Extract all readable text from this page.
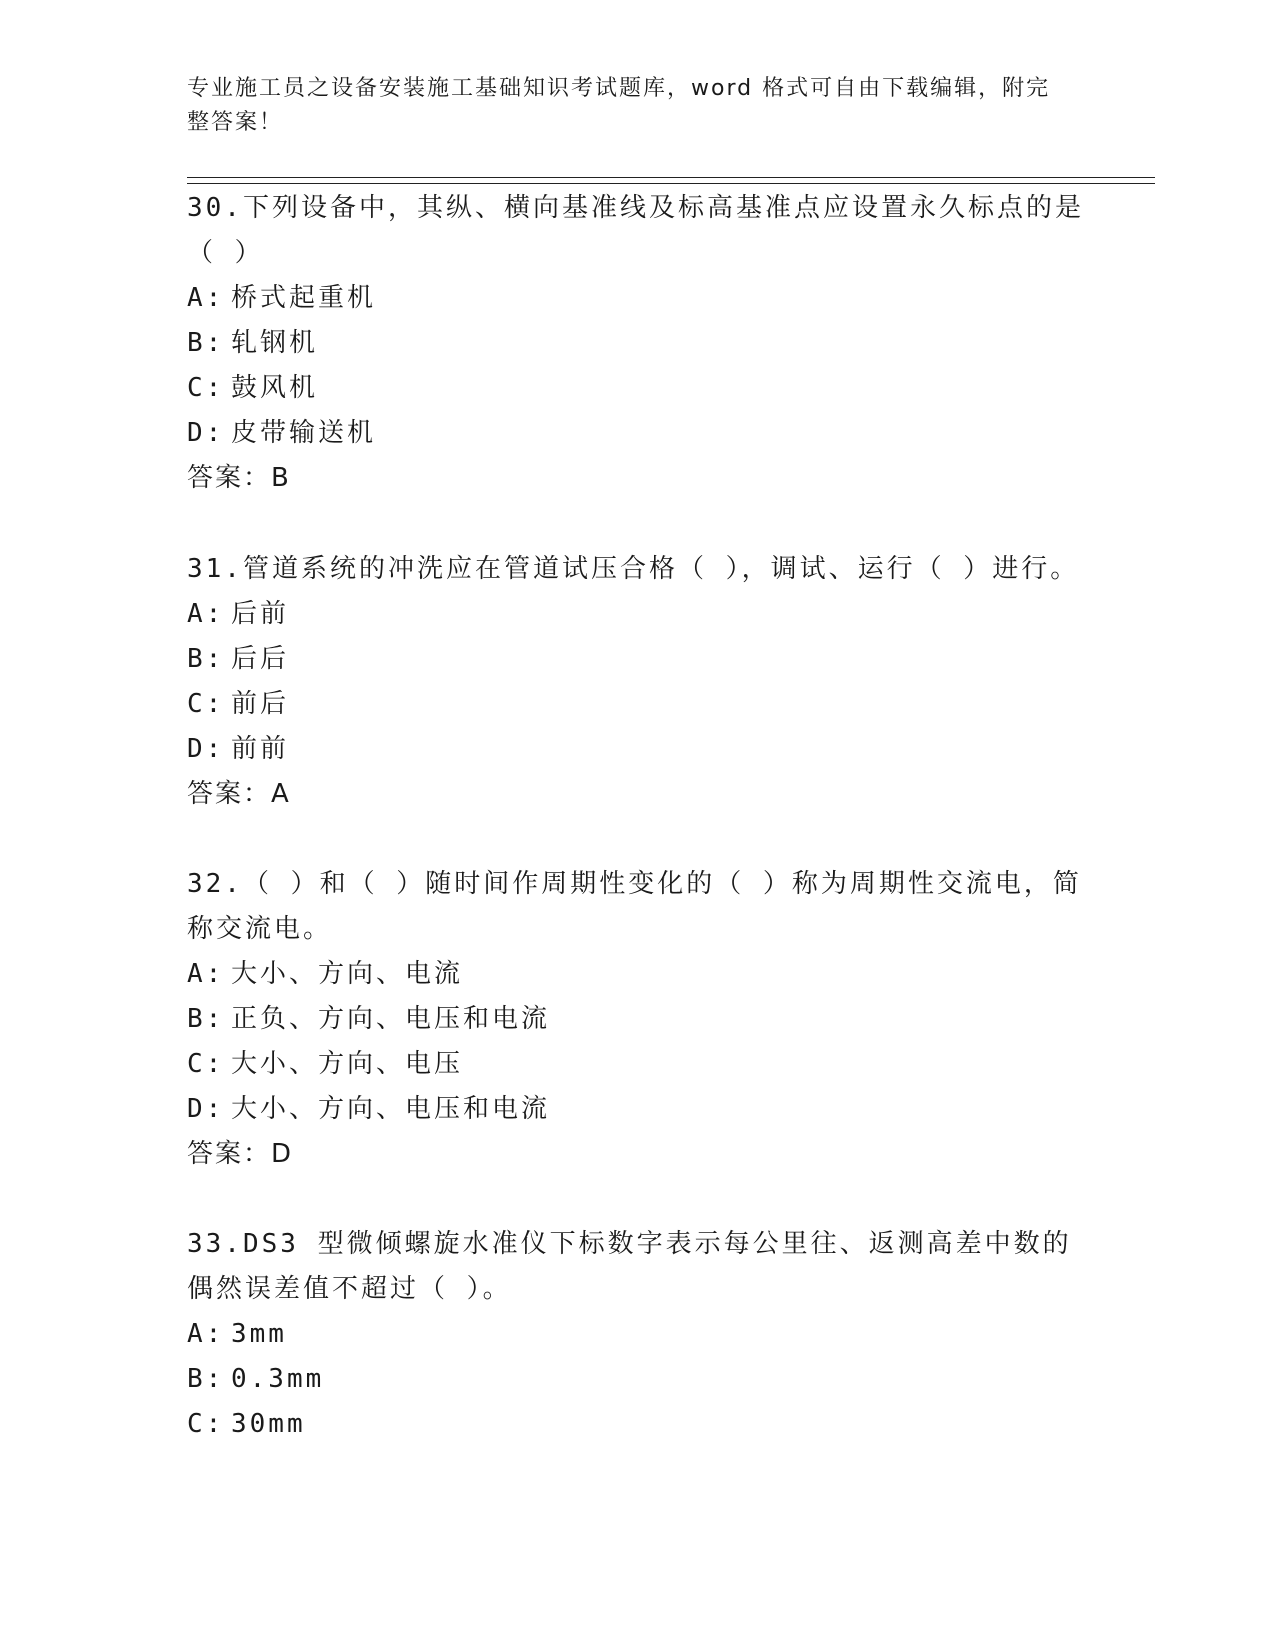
专业施工员之设备安装施工基础知识考试题库，word 格式可自由下载编辑，附完整答案！

30.下列设备中，其纵、横向基准线及标高基准点应设置永久标点的是（ ）

A: 桥式起重机

B: 轧钢机

C: 鼓风机

D: 皮带输送机

答案：B

31.管道系统的冲洗应在管道试压合格（ ），调试、运行（ ）进行。

A: 后前

B: 后后

C: 前后

D: 前前

答案：A

32.（ ）和（ ）随时间作周期性变化的（ ）称为周期性交流电，简称交流电。

A: 大小、方向、电流

B: 正负、方向、电压和电流

C: 大小、方向、电压

D: 大小、方向、电压和电流

答案：D

33.DS3 型微倾螺旋水准仪下标数字表示每公里往、返测高差中数的偶然误差值不超过（ ）。

A: 3mm

B: 0.3mm

C: 30mm
